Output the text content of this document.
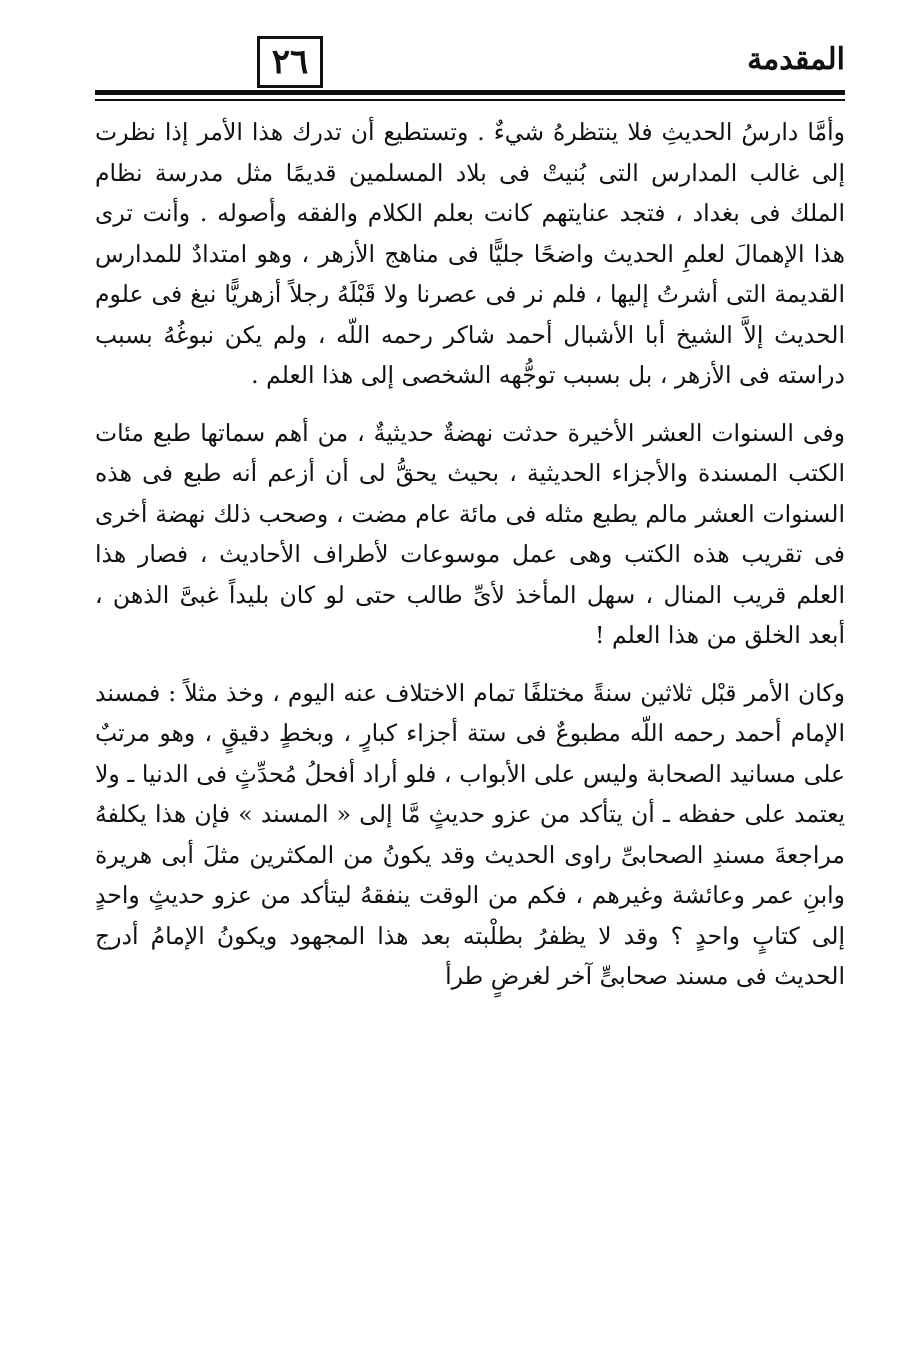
٢٦	المقدمة

وأمَّا دارسُ الحديثِ فلا ينتظرهُ شيءٌ . وتستطيع أن تدرك هذا الأمر إذا نظرت إلى غالب المدارس التى بُنيتْ فى بلاد المسلمين قديمًا مثل مدرسة نظام الملك فى بغداد ، فتجد عنايتهم كانت بعلم الكلام والفقه وأصوله . وأنت ترى هذا الإهمالَ لعلمِ الحديث واضحًا جليًّا فى مناهج الأزهر ، وهو امتدادٌ للمدارس القديمة التى أشرتُ إليها ، فلم نر فى عصرنا ولا قَبْلَهُ رجلاً أزهريًّا نبغ فى علوم الحديث إلاَّ الشيخ أبا الأشبال أحمد شاكر رحمه اللّه ، ولم يكن نبوغُهُ بسبب دراسته فى الأزهر ، بل بسبب توجُّهه الشخصى إلى هذا العلم .

وفى السنوات العشر الأخيرة حدثت نهضةٌ حديثيةٌ ، من أهم سماتها طبع مئات الكتب المسندة والأجزاء الحديثية ، بحيث يحقُّ لى أن أزعم أنه طبع فى هذه السنوات العشر مالم يطبع مثله فى مائة عام مضت ، وصحب ذلك نهضة أخرى فى تقريب هذه الكتب وهى عمل موسوعات لأطراف الأحاديث ، فصار هذا العلم قريب المنال ، سهل المأخذ لأىِّ طالب حتى لو كان بليداً غبىَّ الذهن ، أبعد الخلق من هذا العلم !

وكان الأمر قبْل ثلاثين سنةً مختلفًا تمام الاختلاف عنه اليوم ، وخذ مثلاً : فمسند الإمام أحمد رحمه اللّه مطبوعٌ فى ستة أجزاء كبارٍ ، وبخطٍ دقيقٍ ، وهو مرتبٌ على مسانيد الصحابة وليس على الأبواب ، فلو أراد أفحلُ مُحدِّثٍ فى الدنيا ـ ولا يعتمد على حفظه ـ أن يتأكد من عزو حديثٍ مَّا إلى « المسند » فإن هذا يكلفهُ مراجعةَ مسندِ الصحابىِّ راوى الحديث وقد يكونُ من المكثرين مثلَ أبى هريرة وابنِ عمر وعائشة وغيرهم ، فكم من الوقت ينفقهُ ليتأكد من عزو حديثٍ واحدٍ إلى كتابٍ واحدٍ ؟ وقد لا يظفرُ بطلْبته بعد هذا المجهود ويكونُ الإمامُ أدرج الحديث فى مسند صحابىٍّ آخر لغرضٍ طرأ
